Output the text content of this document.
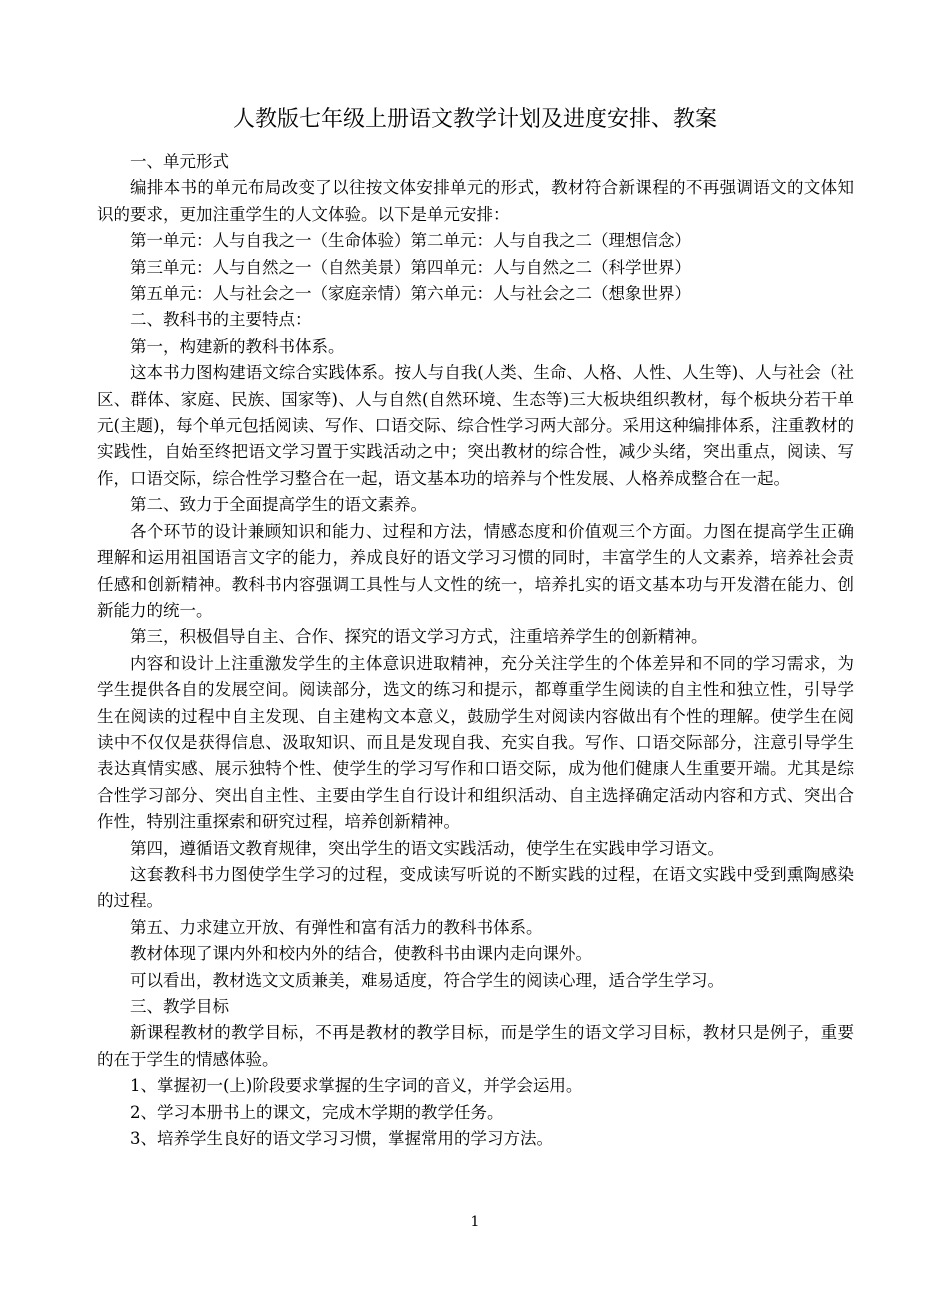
人教版七年级上册语文教学计划及进度安排、教案

一、单元形式

编排本书的单元布局改变了以往按文体安排单元的形式，教材符合新课程的不再强调语文的文体知识的要求，更加注重学生的人文体验。以下是单元安排：

第一单元：人与自我之一（生命体验）第二单元：人与自我之二（理想信念）

第三单元：人与自然之一（自然美景）第四单元：人与自然之二（科学世界）

第五单元：人与社会之一（家庭亲情）第六单元：人与社会之二（想象世界）

二、教科书的主要特点：

第一，构建新的教科书体系。

这本书力图构建语文综合实践体系。按人与自我(人类、生命、人格、人性、人生等)、人与社会（社区、群体、家庭、民族、国家等)、人与自然(自然环境、生态等)三大板块组织教材，每个板块分若干单元(主题)，每个单元包括阅读、写作、口语交际、综合性学习两大部分。采用这种编排体系，注重教材的实践性，自始至终把语文学习置于实践活动之中；突出教材的综合性，减少头绪，突出重点，阅读、写作，口语交际，综合性学习整合在一起，语文基本功的培养与个性发展、人格养成整合在一起。

第二、致力于全面提高学生的语文素养。

各个环节的设计兼顾知识和能力、过程和方法，情感态度和价值观三个方面。力图在提高学生正确理解和运用祖国语言文字的能力，养成良好的语文学习习惯的同时，丰富学生的人文素养，培养社会责任感和创新精神。教科书内容强调工具性与人文性的统一，培养扎实的语文基本功与开发潜在能力、创新能力的统一。

第三，积极倡导自主、合作、探究的语文学习方式，注重培养学生的创新精神。

内容和设计上注重激发学生的主体意识进取精神，充分关注学生的个体差异和不同的学习需求，为学生提供各自的发展空间。阅读部分，选文的练习和提示，都尊重学生阅读的自主性和独立性，引导学生在阅读的过程中自主发现、自主建构文本意义，鼓励学生对阅读内容做出有个性的理解。使学生在阅读中不仅仅是获得信息、汲取知识、而且是发现自我、充实自我。写作、口语交际部分，注意引导学生表达真情实感、展示独特个性、使学生的学习写作和口语交际，成为他们健康人生重要开端。尤其是综合性学习部分、突出自主性、主要由学生自行设计和组织活动、自主选择确定活动内容和方式、突出合作性，特别注重探索和研究过程，培养创新精神。

第四，遵循语文教育规律，突出学生的语文实践活动，使学生在实践申学习语文。

这套教科书力图使学生学习的过程，变成读写听说的不断实践的过程，在语文实践中受到熏陶感染的过程。

第五、力求建立开放、有弹性和富有活力的教科书体系。

教材体现了课内外和校内外的结合，使教科书由课内走向课外。

可以看出，教材选文文质兼美，难易适度，符合学生的阅读心理，适合学生学习。

三、教学目标

新课程教材的教学目标，不再是教材的教学目标，而是学生的语文学习目标，教材只是例子，重要的在于学生的情感体验。

1、掌握初一(上)阶段要求掌握的生字词的音义，并学会运用。

2、学习本册书上的课文，完成木学期的教学任务。

3、培养学生良好的语文学习习惯，掌握常用的学习方法。

1
